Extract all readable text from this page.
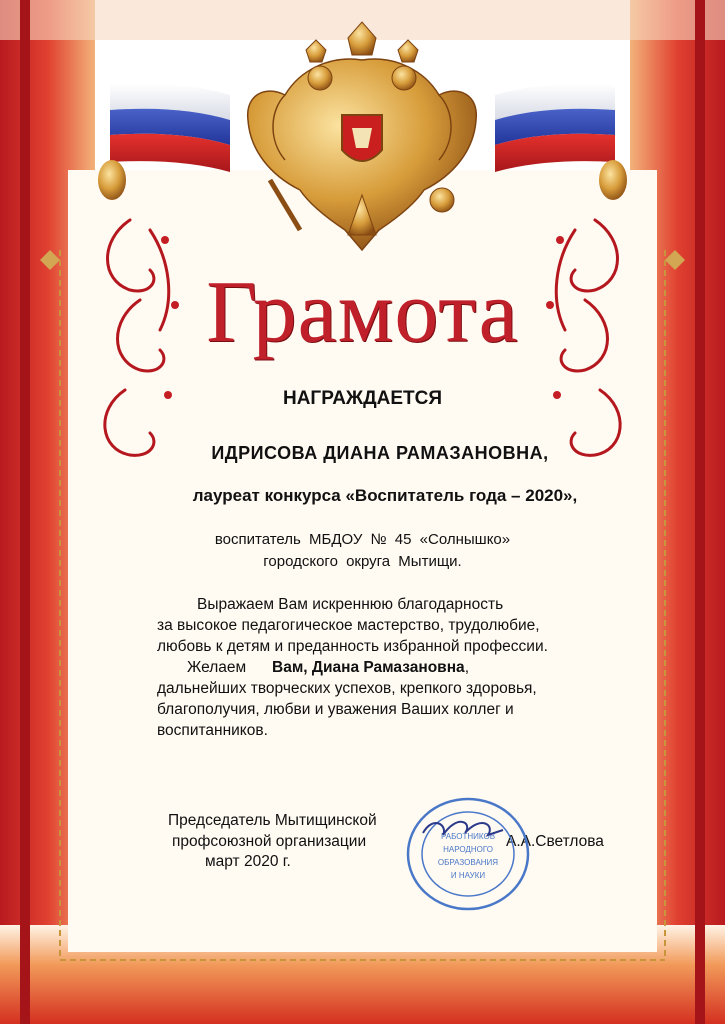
Грамота
НАГРАЖДАЕТСЯ
ИДРИСОВА ДИАНА РАМАЗАНОВНА,
лауреат конкурса «Воспитатель года – 2020»,
воспитатель МБДОУ № 45 «Солнышко»
городского округа Мытищи.
Выражаем Вам искреннюю благодарность
за высокое педагогическое мастерство, трудолюбие,
любовь к детям и преданность избранной профессии.
Желаем Вам, Диана Рамазановна,
дальнейших творческих успехов, крепкого здоровья,
благополучия, любви и уважения Ваших коллег и
воспитанников.
Председатель Мытищинской
профсоюзной организации
март 2020 г.
А.А.Светлова
РАБОТНИКОВ
НАРОДНОГО
ОБРАЗОВАНИЯ
И НАУКИ
